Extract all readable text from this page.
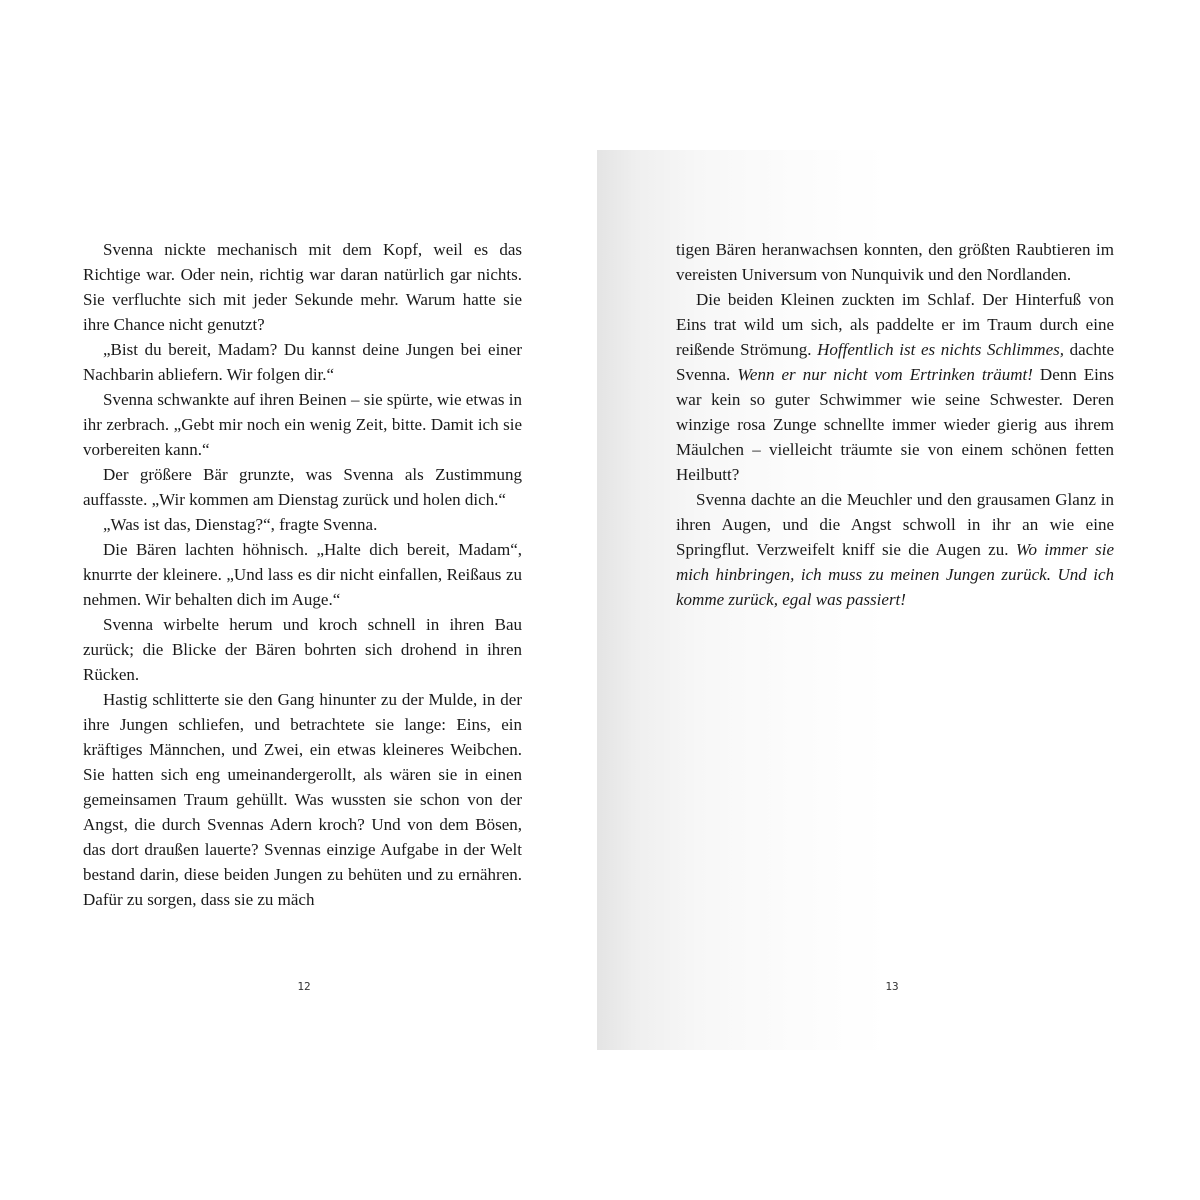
Svenna nickte mechanisch mit dem Kopf, weil es das Richtige war. Oder nein, richtig war daran natürlich gar nichts. Sie verfluchte sich mit jeder Sekunde mehr. Warum hatte sie ihre Chance nicht genutzt?

„Bist du bereit, Madam? Du kannst deine Jungen bei einer Nachbarin abliefern. Wir folgen dir.“

Svenna schwankte auf ihren Beinen – sie spürte, wie etwas in ihr zerbrach. „Gebt mir noch ein wenig Zeit, bitte. Damit ich sie vorbereiten kann.“

Der größere Bär grunzte, was Svenna als Zustimmung auffasste. „Wir kommen am Dienstag zurück und holen dich.“

„Was ist das, Dienstag?“, fragte Svenna.

Die Bären lachten höhnisch. „Halte dich bereit, Madam“, knurrte der kleinere. „Und lass es dir nicht einfallen, Reißaus zu nehmen. Wir behalten dich im Auge.“

Svenna wirbelte herum und kroch schnell in ihren Bau zurück; die Blicke der Bären bohrten sich drohend in ihren Rücken.

Hastig schlitterte sie den Gang hinunter zu der Mulde, in der ihre Jungen schliefen, und betrachtete sie lange: Eins, ein kräftiges Männchen, und Zwei, ein etwas kleineres Weibchen. Sie hatten sich eng umeinandergerollt, als wären sie in einen gemeinsamen Traum gehüllt. Was wussten sie schon von der Angst, die durch Svennas Adern kroch? Und von dem Bösen, das dort draußen lauerte? Svennas einzige Aufgabe in der Welt bestand darin, diese beiden Jungen zu behüten und zu ernähren. Dafür zu sorgen, dass sie zu mäch

12

tigen Bären heranwachsen konnten, den größten Raubtieren im vereisten Universum von Nunquivik und den Nordlanden.

Die beiden Kleinen zuckten im Schlaf. Der Hinterfuß von Eins trat wild um sich, als paddelte er im Traum durch eine reißende Strömung. Hoffentlich ist es nichts Schlimmes, dachte Svenna. Wenn er nur nicht vom Ertrinken träumt! Denn Eins war kein so guter Schwimmer wie seine Schwester. Deren winzige rosa Zunge schnellte immer wieder gierig aus ihrem Mäulchen – vielleicht träumte sie von einem schönen fetten Heilbutt?

Svenna dachte an die Meuchler und den grausamen Glanz in ihren Augen, und die Angst schwoll in ihr an wie eine Springflut. Verzweifelt kniff sie die Augen zu. Wo immer sie mich hinbringen, ich muss zu meinen Jungen zurück. Und ich komme zurück, egal was passiert!

13
